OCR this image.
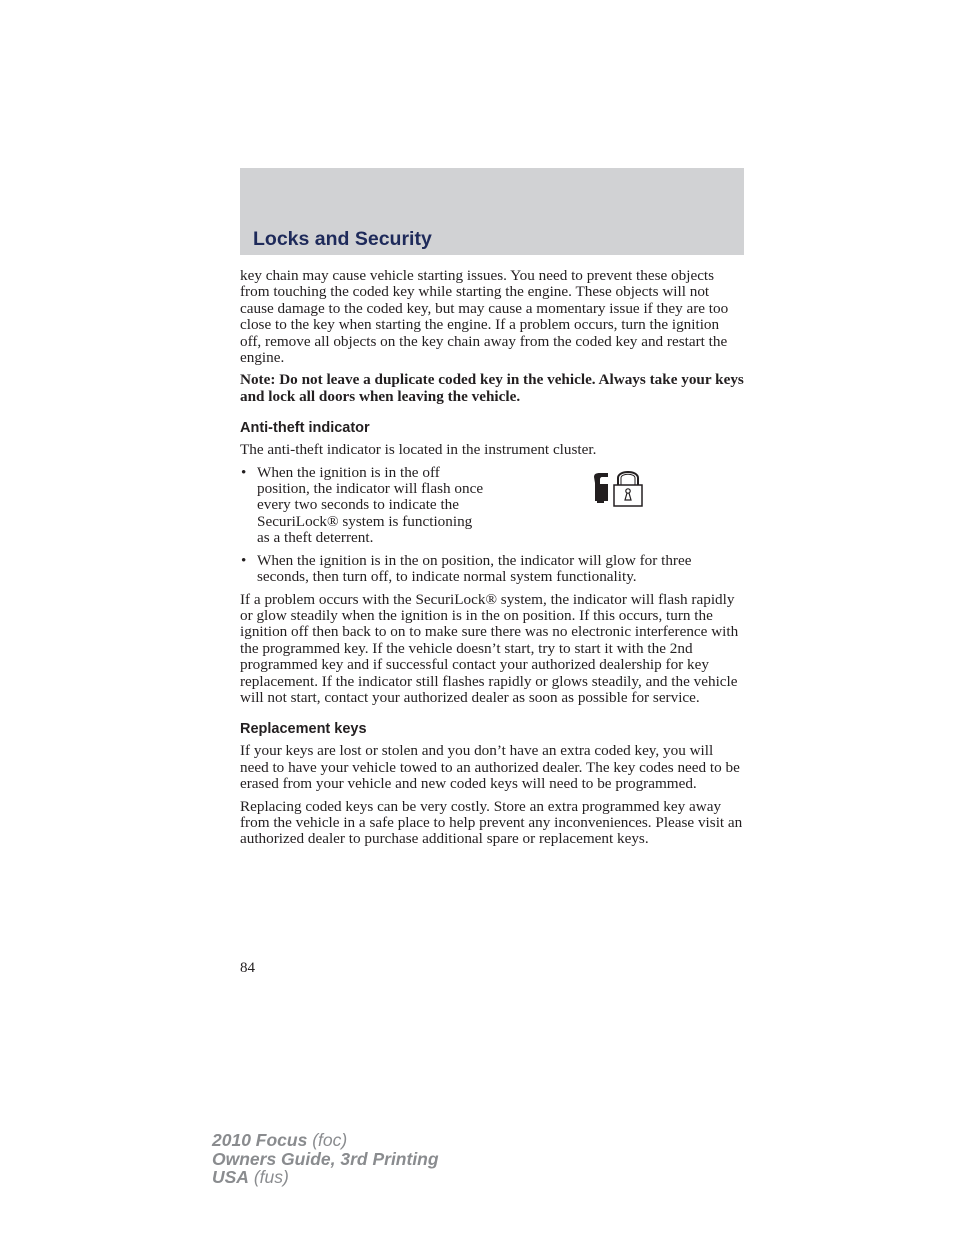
Locks and Security

key chain may cause vehicle starting issues. You need to prevent these objects from touching the coded key while starting the engine. These objects will not cause damage to the coded key, but may cause a momentary issue if they are too close to the key when starting the engine. If a problem occurs, turn the ignition off, remove all objects on the key chain away from the coded key and restart the engine.

Note: Do not leave a duplicate coded key in the vehicle. Always take your keys and lock all doors when leaving the vehicle.

Anti-theft indicator

The anti-theft indicator is located in the instrument cluster.

• When the ignition is in the off position, the indicator will flash once every two seconds to indicate the SecuriLock® system is functioning as a theft deterrent.
• When the ignition is in the on position, the indicator will glow for three seconds, then turn off, to indicate normal system functionality.

If a problem occurs with the SecuriLock® system, the indicator will flash rapidly or glow steadily when the ignition is in the on position. If this occurs, turn the ignition off then back to on to make sure there was no electronic interference with the programmed key. If the vehicle doesn’t start, try to start it with the 2nd programmed key and if successful contact your authorized dealership for key replacement. If the indicator still flashes rapidly or glows steadily, and the vehicle will not start, contact your authorized dealer as soon as possible for service.

Replacement keys

If your keys are lost or stolen and you don’t have an extra coded key, you will need to have your vehicle towed to an authorized dealer. The key codes need to be erased from your vehicle and new coded keys will need to be programmed.

Replacing coded keys can be very costly. Store an extra programmed key away from the vehicle in a safe place to help prevent any inconveniences. Please visit an authorized dealer to purchase additional spare or replacement keys.

84
2010 Focus (foc)
Owners Guide, 3rd Printing
USA (fus)
